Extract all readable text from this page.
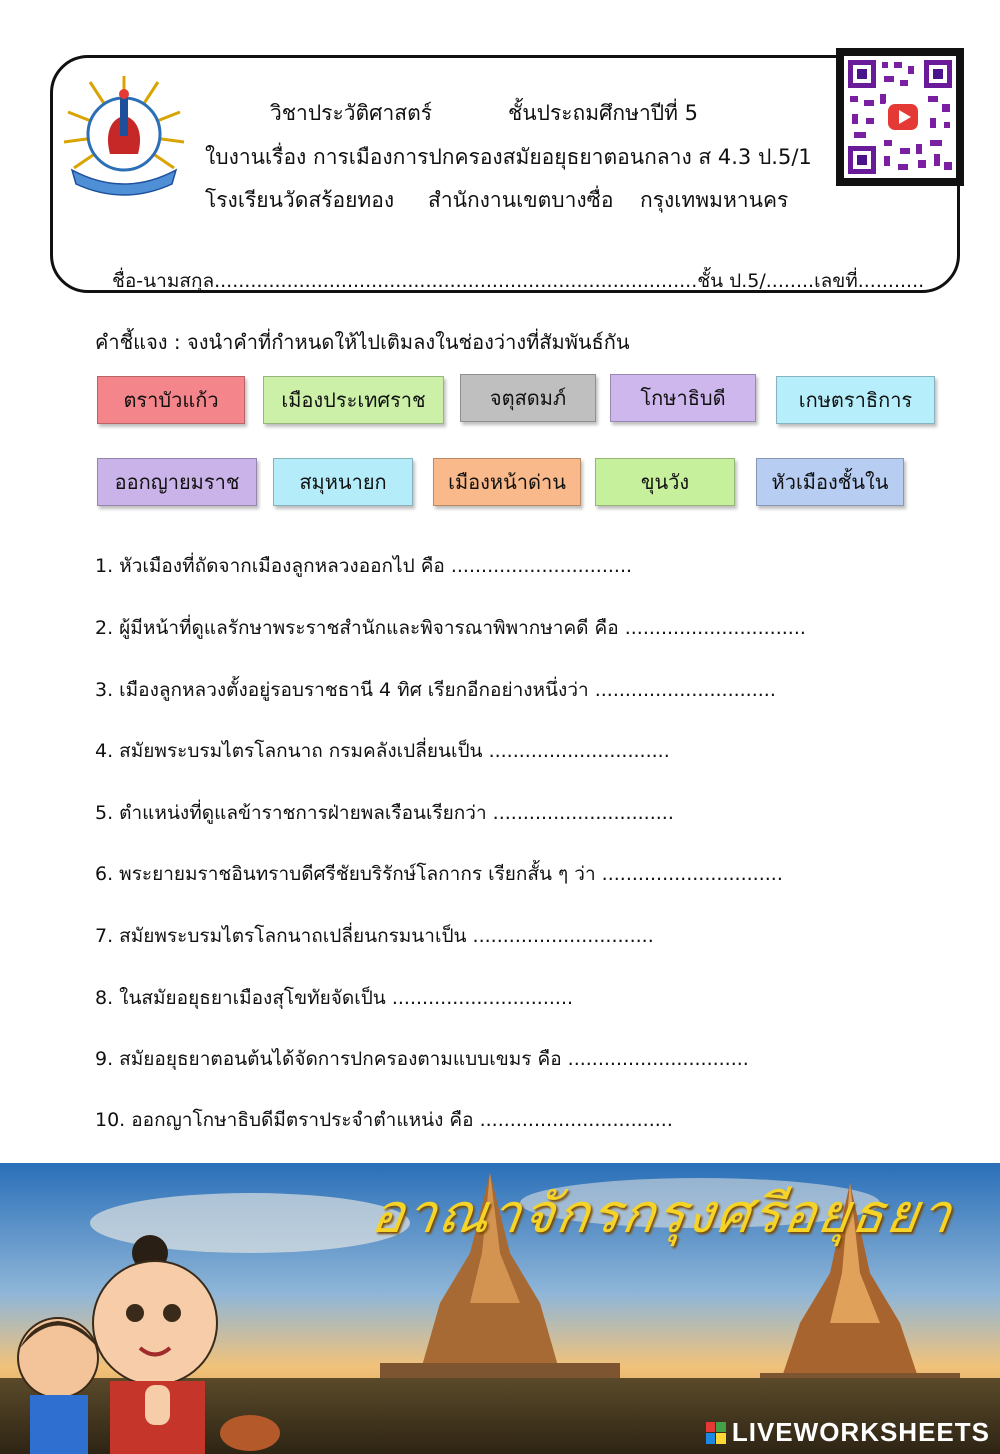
วิชาประวัติศาสตร์	ชั้นประถมศึกษาปีที่ 5
ใบงานเรื่อง การเมืองการปกครองสมัยอยุธยาตอนกลาง ส 4.3 ป.5/1
โรงเรียนวัดสร้อยทอง สำนักงานเขตบางซื่อ กรุงเทพมหานคร
ชื่อ-นามสกุล................................................................................ชั้น ป.5/........เลขที่...........
คำชี้แจง : จงนำคำที่กำหนดให้ไปเติมลงในช่องว่างที่สัมพันธ์กัน
ตราบัวแก้ว	เมืองประเทศราช	จตุสดมภ์	โกษาธิบดี	เกษตราธิการ
ออกญายมราช	สมุหนายก	เมืองหน้าด่าน	ขุนวัง	หัวเมืองชั้นใน
1. หัวเมืองที่ถัดจากเมืองลูกหลวงออกไป คือ ..............................
2. ผู้มีหน้าที่ดูแลรักษาพระราชสำนักและพิจารณาพิพากษาคดี คือ ..............................
3. เมืองลูกหลวงตั้งอยู่รอบราชธานี 4 ทิศ เรียกอีกอย่างหนึ่งว่า ..............................
4. สมัยพระบรมไตรโลกนาถ กรมคลังเปลี่ยนเป็น ..............................
5. ตำแหน่งที่ดูแลข้าราชการฝ่ายพลเรือนเรียกว่า ..............................
6. พระยายมราชอินทราบดีศรีชัยบริรักษ์โลกากร เรียกสั้น ๆ ว่า ..............................
7. สมัยพระบรมไตรโลกนาถเปลี่ยนกรมนาเป็น ..............................
8. ในสมัยอยุธยาเมืองสุโขทัยจัดเป็น ..............................
9. สมัยอยุธยาตอนต้นได้จัดการปกครองตามแบบเขมร คือ ..............................
10. ออกญาโกษาธิบดีมีตราประจำตำแหน่ง คือ ................................
อาณาจักรกรุงศรีอยุธยา
LIVEWORKSHEETS
